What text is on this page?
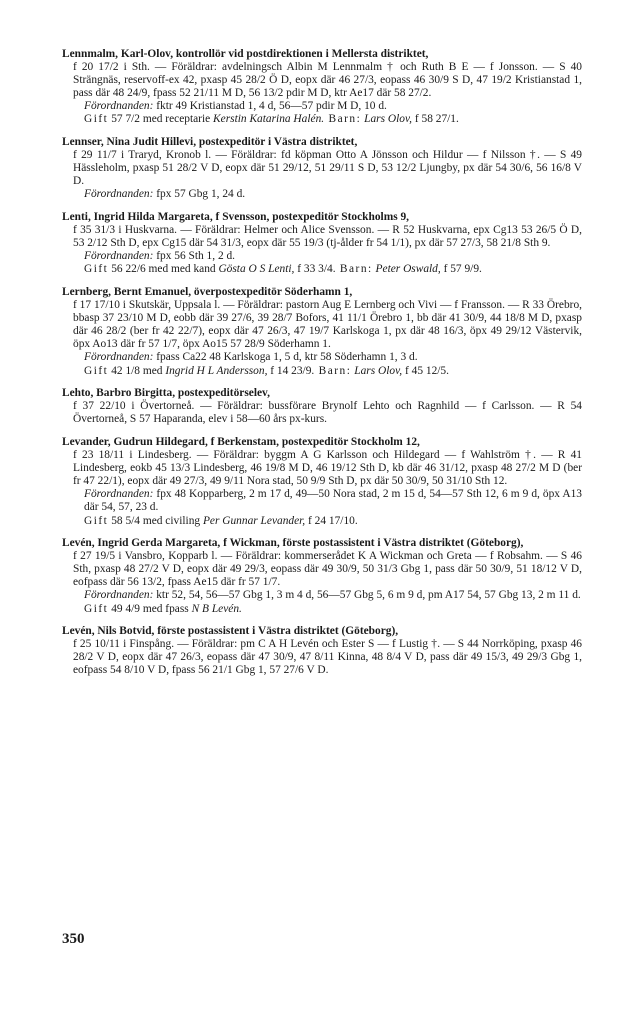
Lennmalm, Karl-Olov, kontrollör vid postdirektionen i Mellersta distriktet,

f 20 17/2 i Sth. — Föräldrar: avdelningsch Albin M Lennmalm † och Ruth B E — f Jonsson. — S 40 Strängnäs, reservoff-ex 42, pxasp 45 28/2 Ö D, eopx där 46 27/3, eopass 46 30/9 S D, 47 19/2 Kristianstad 1, pass där 48 24/9, fpass 52 21/11 M D, 56 13/2 pdir M D, ktr Ae17 där 58 27/2.

Förordnanden: fktr 49 Kristianstad 1, 4 d, 56—57 pdir M D, 10 d.

Gift 57 7/2 med receptarie Kerstin Katarina Halén. Barn: Lars Olov, f 58 27/1.

Lennser, Nina Judit Hillevi, postexpeditör i Västra distriktet,

f 29 11/7 i Traryd, Kronob l. — Föräldrar: fd köpman Otto A Jönsson och Hildur — f Nilsson †. — S 49 Hässleholm, pxasp 51 28/2 V D, eopx där 51 29/12, 51 29/11 S D, 53 12/2 Ljungby, px där 54 30/6, 56 16/8 V D.

Förordnanden: fpx 57 Gbg 1, 24 d.

Lenti, Ingrid Hilda Margareta, f Svensson, postexpeditör Stockholms 9,

f 35 31/3 i Huskvarna. — Föräldrar: Helmer och Alice Svensson. — R 52 Huskvarna, epx Cg13 53 26/5 Ö D, 53 2/12 Sth D, epx Cg15 där 54 31/3, eopx där 55 19/3 (tj-ålder fr 54 1/1), px där 57 27/3, 58 21/8 Sth 9.

Förordnanden: fpx 56 Sth 1, 2 d.

Gift 56 22/6 med med kand Gösta O S Lenti, f 33 3/4. Barn: Peter Oswald, f 57 9/9.

Lernberg, Bernt Emanuel, överpostexpeditör Söderhamn 1,

f 17 17/10 i Skutskär, Uppsala l. — Föräldrar: pastorn Aug E Lernberg och Vivi — f Fransson. — R 33 Örebro, bbasp 37 23/10 M D, eobb där 39 27/6, 39 28/7 Bofors, 41 11/1 Örebro 1, bb där 41 30/9, 44 18/8 M D, pxasp där 46 28/2 (ber fr 42 22/7), eopx där 47 26/3, 47 19/7 Karlskoga 1, px där 48 16/3, öpx 49 29/12 Västervik, öpx Ao13 där fr 57 1/7, öpx Ao15 57 28/9 Söderhamn 1.

Förordnanden: fpass Ca22 48 Karlskoga 1, 5 d, ktr 58 Söderhamn 1, 3 d.

Gift 42 1/8 med Ingrid H L Andersson, f 14 23/9. Barn: Lars Olov, f 45 12/5.

Lehto, Barbro Birgitta, postexpeditörselev,

f 37 22/10 i Övertorneå. — Föräldrar: bussförare Brynolf Lehto och Ragnhild — f Carlsson. — R 54 Övertorneå, S 57 Haparanda, elev i 58—60 års px-kurs.

Levander, Gudrun Hildegard, f Berkenstam, postexpeditör Stockholm 12,

f 23 18/11 i Lindesberg. — Föräldrar: byggm A G Karlsson och Hildegard — f Wahlström †. — R 41 Lindesberg, eokb 45 13/3 Lindesberg, 46 19/8 M D, 46 19/12 Sth D, kb där 46 31/12, pxasp 48 27/2 M D (ber fr 47 22/1), eopx där 49 27/3, 49 9/11 Nora stad, 50 9/9 Sth D, px där 50 30/9, 50 31/10 Sth 12.

Förordnanden: fpx 48 Kopparberg, 2 m 17 d, 49—50 Nora stad, 2 m 15 d, 54—57 Sth 12, 6 m 9 d, öpx A13 där 54, 57, 23 d.

Gift 58 5/4 med civiling Per Gunnar Levander, f 24 17/10.

Levén, Ingrid Gerda Margareta, f Wickman, förste postassistent i Västra distriktet (Göteborg),

f 27 19/5 i Vansbro, Kopparb l. — Föräldrar: kommerserådet K A Wickman och Greta — f Robsahm. — S 46 Sth, pxasp 48 27/2 V D, eopx där 49 29/3, eopass där 49 30/9, 50 31/3 Gbg 1, pass där 50 30/9, 51 18/12 V D, eofpass där 56 13/2, fpass Ae15 där fr 57 1/7.

Förordnanden: ktr 52, 54, 56—57 Gbg 1, 3 m 4 d, 56—57 Gbg 5, 6 m 9 d, pm A17 54, 57 Gbg 13, 2 m 11 d.

Gift 49 4/9 med fpass N B Levén.

Levén, Nils Botvid, förste postassistent i Västra distriktet (Göteborg),

f 25 10/11 i Finspång. — Föräldrar: pm C A H Levén och Ester S — f Lustig †. — S 44 Norrköping, pxasp 46 28/2 V D, eopx där 47 26/3, eopass där 47 30/9, 47 8/11 Kinna, 48 8/4 V D, pass där 49 15/3, 49 29/3 Gbg 1, eofpass 54 8/10 V D, fpass 56 21/1 Gbg 1, 57 27/6 V D.

350
